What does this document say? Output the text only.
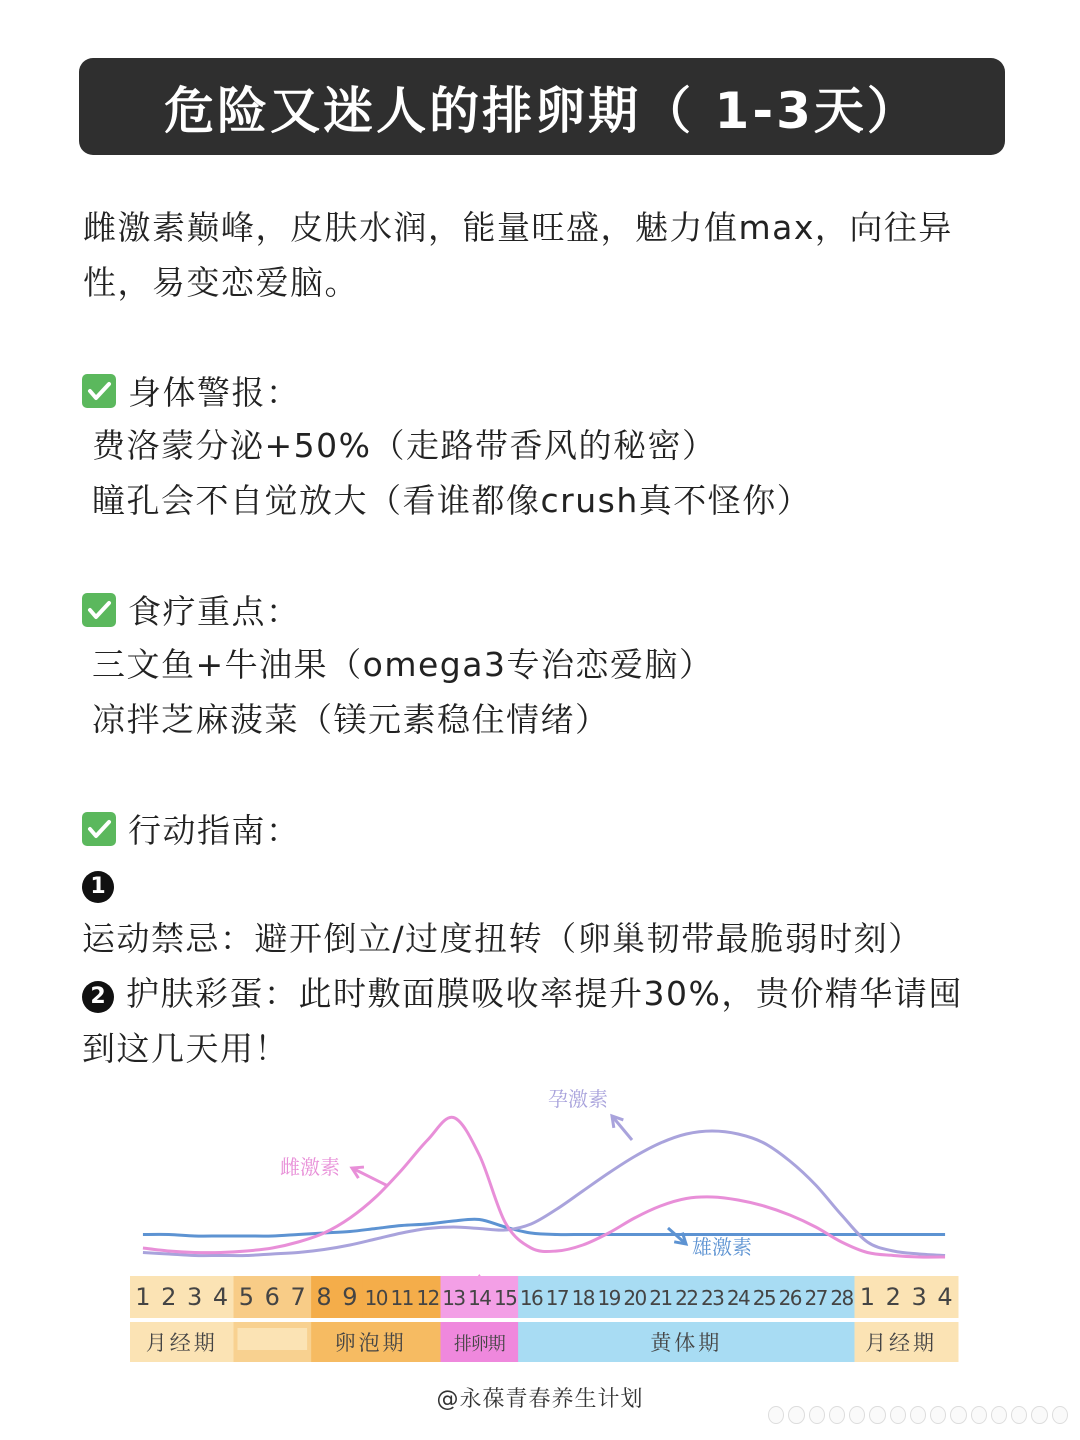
危险又迷人的排卵期（ 1-3天）
雌激素巅峰，皮肤水润，能量旺盛，魅力值max，向往异性，易变恋爱脑。
身体警报：
费洛蒙分泌+50%（走路带香风的秘密）
瞳孔会不自觉放大（看谁都像crush真不怪你）
食疗重点：
三文鱼+牛油果（omega3专治恋爱脑）
凉拌芝麻菠菜（镁元素稳住情绪）
行动指南：
1运动禁忌：避开倒立/过度扭转（卵巢韧带最脆弱时刻）
2 护肤彩蛋：此时敷面膜吸收率提升30%，贵价精华请囤到这几天用！
雌激素
孕激素
雄激素
1 2 3 4 5 6 7 8 9 10 11 12 13 14 15 16 17 18 19 20 21 22 23 24 25 26 27 28 1 2 3 4
月经期	卵泡期	排卵期	黄体期	月经期
@永葆青春养生计划
